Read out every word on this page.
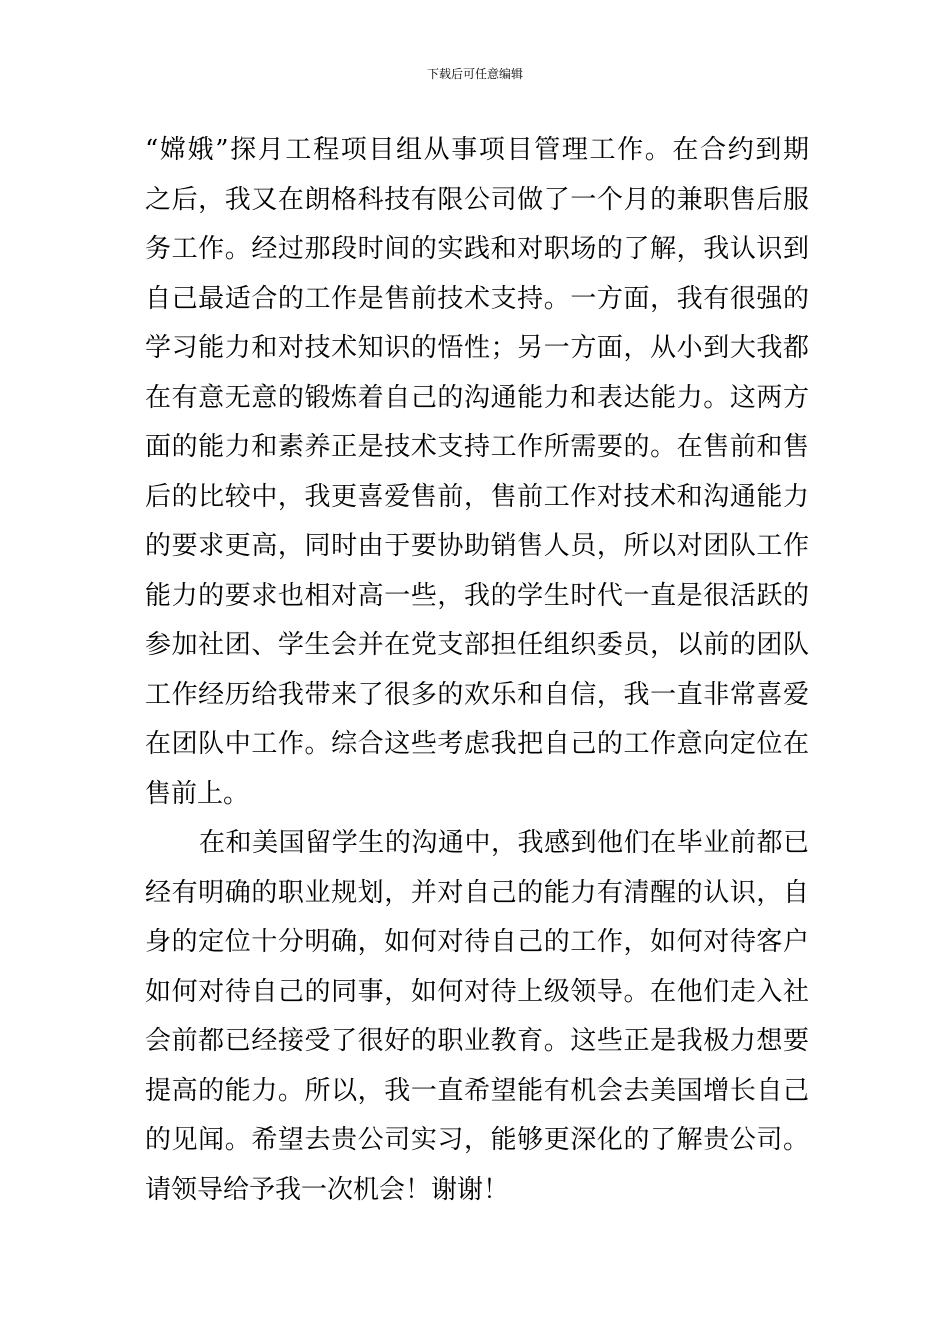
下载后可任意编辑
“嫦娥”探月工程项目组从事项目管理工作。在合约到期
之后，我又在朗格科技有限公司做了一个月的兼职售后服
务工作。经过那段时间的实践和对职场的了解，我认识到
自己最适合的工作是售前技术支持。一方面，我有很强的
学习能力和对技术知识的悟性；另一方面，从小到大我都
在有意无意的锻炼着自己的沟通能力和表达能力。这两方
面的能力和素养正是技术支持工作所需要的。在售前和售
后的比较中，我更喜爱售前，售前工作对技术和沟通能力
的要求更高，同时由于要协助销售人员，所以对团队工作
能力的要求也相对高一些，我的学生时代一直是很活跃的
参加社团、学生会并在党支部担任组织委员，以前的团队
工作经历给我带来了很多的欢乐和自信，我一直非常喜爱
在团队中工作。综合这些考虑我把自己的工作意向定位在
售前上。
在和美国留学生的沟通中，我感到他们在毕业前都已
经有明确的职业规划，并对自己的能力有清醒的认识，自
身的定位十分明确，如何对待自己的工作，如何对待客户
如何对待自己的同事，如何对待上级领导。在他们走入社
会前都已经接受了很好的职业教育。这些正是我极力想要
提高的能力。所以，我一直希望能有机会去美国增长自己
的见闻。希望去贵公司实习，能够更深化的了解贵公司。
请领导给予我一次机会！谢谢！
